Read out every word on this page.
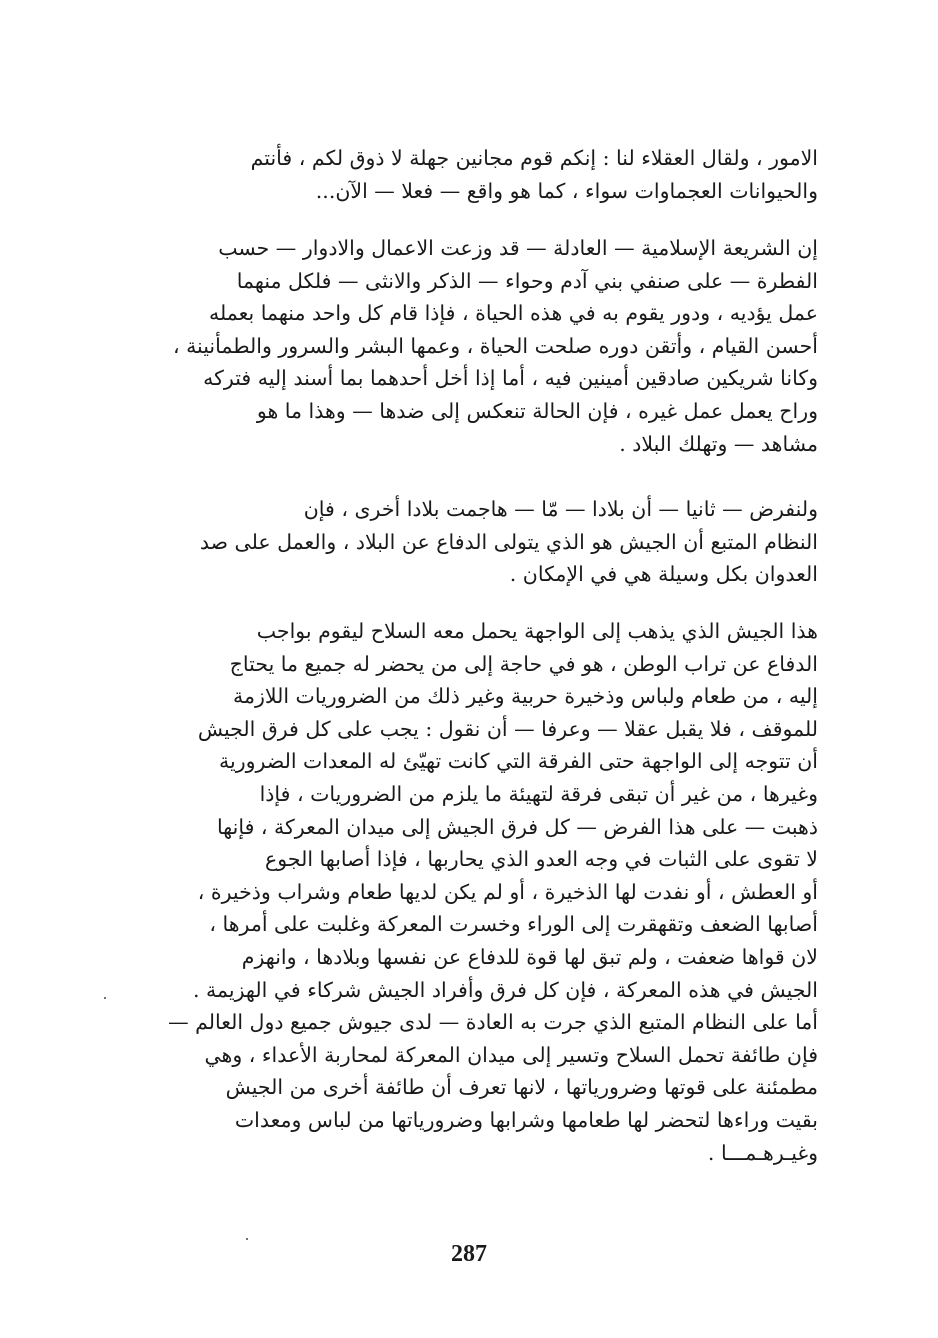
الامور ، ولقال العقلاء لنا : إنكم قوم مجانين جهلة لا ذوق لكم ، فأنتم
والحيوانات العجماوات سواء ، كما هو واقع — فعلا — الآن...

إن الشريعة الإسلامية — العادلة — قد وزعت الاعمال والادوار — حسب
الفطرة — على صنفي بني آدم وحواء — الذكر والانثى — فلكل منهما
عمل يؤديه ، ودور يقوم به في هذه الحياة ، فإذا قام كل واحد منهما بعمله
أحسن القيام ، وأتقن دوره صلحت الحياة ، وعمها البشر والسرور والطمأنينة ،
وكانا شريكين صادقين أمينين فيه ، أما إذا أخل أحدهما بما أسند إليه فتركه
وراح يعمل عمل غيره ، فإن الحالة تنعكس إلى ضدها — وهذا ما هو
مشاهد — وتهلك البلاد .

ولنفرض — ثانيا — أن بلادا — مّا — هاجمت بلادا أخرى ، فإن
النظام المتبع أن الجيش هو الذي يتولى الدفاع عن البلاد ، والعمل على صد
العدوان بكل وسيلة هي في الإمكان .

هذا الجيش الذي يذهب إلى الواجهة يحمل معه السلاح ليقوم بواجب
الدفاع عن تراب الوطن ، هو في حاجة إلى من يحضر له جميع ما يحتاج
إليه ، من طعام ولباس وذخيرة حربية وغير ذلك من الضروريات اللازمة
للموقف ، فلا يقبل عقلا — وعرفا — أن نقول : يجب على كل فرق الجيش
أن تتوجه إلى الواجهة حتى الفرقة التي كانت تهيّئ له المعدات الضرورية
وغيرها ، من غير أن تبقى فرقة لتهيئة ما يلزم من الضروريات ، فإذا
ذهبت — على هذا الفرض — كل فرق الجيش إلى ميدان المعركة ، فإنها
لا تقوى على الثبات في وجه العدو الذي يحاربها ، فإذا أصابها الجوع
أو العطش ، أو نفدت لها الذخيرة ، أو لم يكن لديها طعام وشراب وذخيرة ،
أصابها الضعف وتقهقرت إلى الوراء وخسرت المعركة وغلبت على أمرها ،
لان قواها ضعفت ، ولم تبق لها قوة للدفاع عن نفسها وبلادها ، وانهزم
الجيش في هذه المعركة ، فإن كل فرق وأفراد الجيش شركاء في الهزيمة .
أما على النظام المتبع الذي جرت به العادة — لدى جيوش جميع دول العالم —
فإن طائفة تحمل السلاح وتسير إلى ميدان المعركة لمحاربة الأعداء ، وهي
مطمئنة على قوتها وضرورياتها ، لانها تعرف أن طائفة أخرى من الجيش
بقيت وراءها لتحضر لها طعامها وشرابها وضرورياتها من لباس ومعدات
وغيـرهـمـــا .

287
